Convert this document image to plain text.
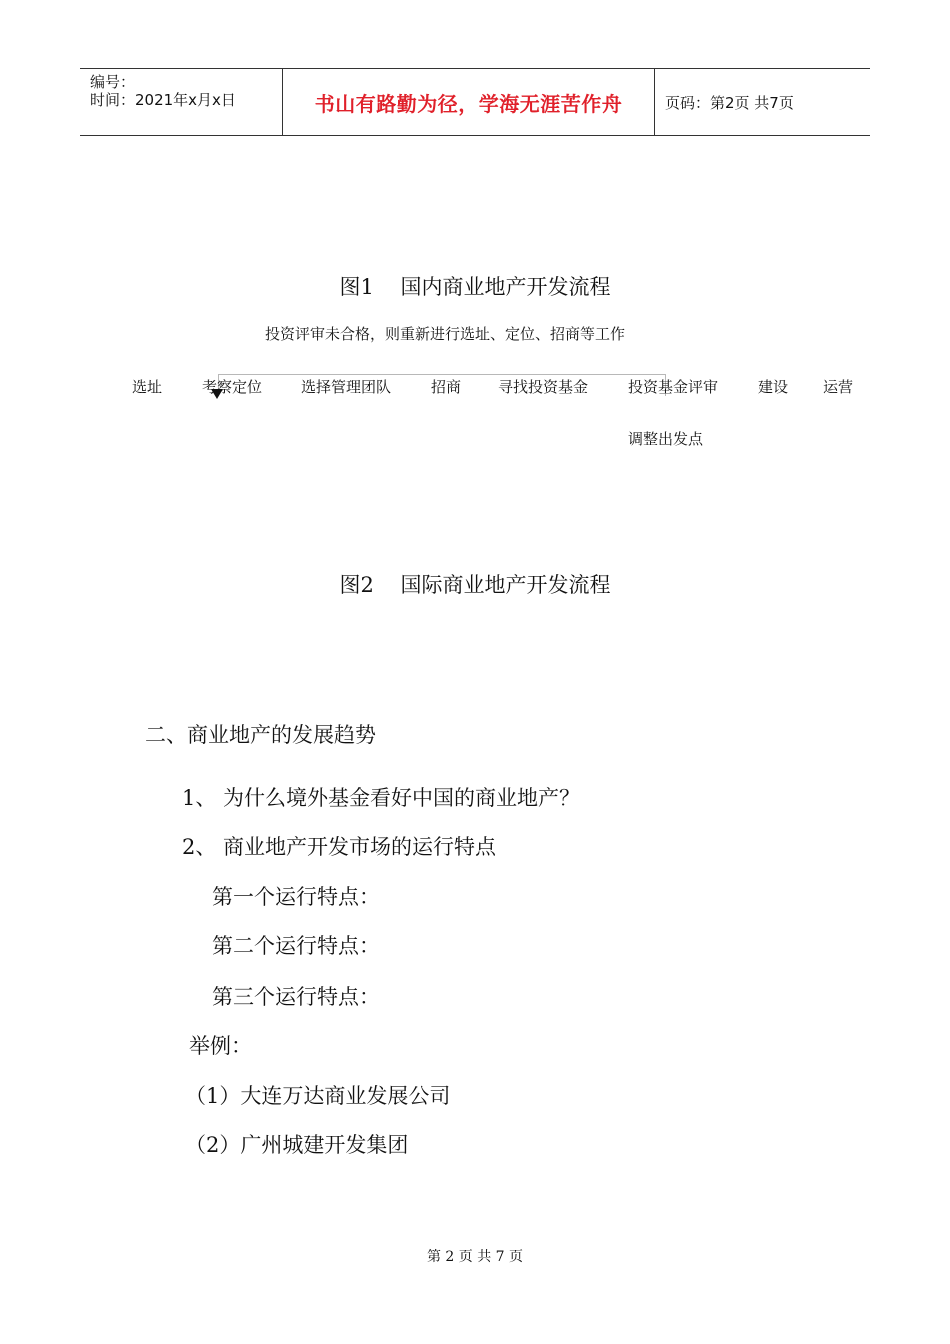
编号：
时间：2021年x月x日	书山有路勤为径，学海无涯苦作舟	页码：第2页 共7页
图1    国内商业地产开发流程
投资评审未合格，则重新进行选址、定位、招商等工作
选址	考察定位	选择管理团队	招商 寻找投资基金	投资基金评审	建设 运营
调整出发点
图2    国际商业地产开发流程
二、商业地产的发展趋势
1、 为什么境外基金看好中国的商业地产？
2、 商业地产开发市场的运行特点
第一个运行特点：
第二个运行特点：
第三个运行特点：
举例：
（1）大连万达商业发展公司
（2）广州城建开发集团
第 2 页 共 7 页
